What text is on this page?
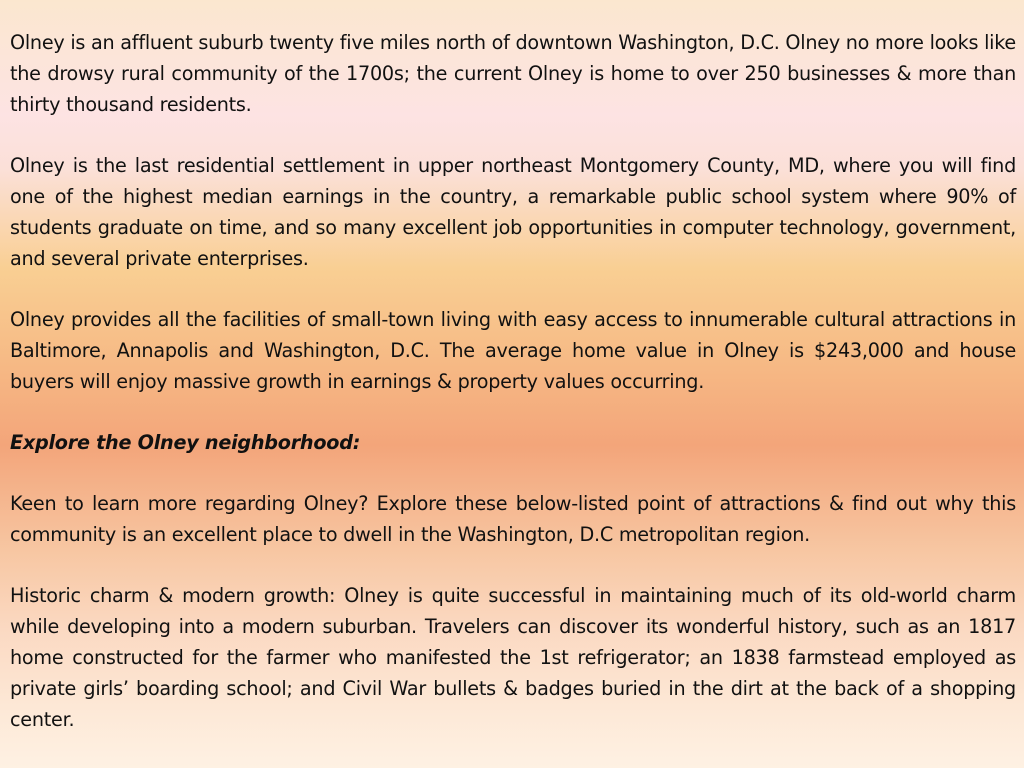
Olney is an affluent suburb twenty five miles north of downtown Washington, D.C. Olney no more looks like the drowsy rural community of the 1700s; the current Olney is home to over 250 businesses & more than thirty thousand residents.

Olney is the last residential settlement in upper northeast Montgomery County, MD, where you will find one of the highest median earnings in the country, a remarkable public school system where 90% of students graduate on time, and so many excellent job opportunities in computer technology, government, and several private enterprises.

Olney provides all the facilities of small-town living with easy access to innumerable cultural attractions in Baltimore, Annapolis and Washington, D.C. The average home value in Olney is $243,000 and house buyers will enjoy massive growth in earnings & property values occurring.

Explore the Olney neighborhood:

Keen to learn more regarding Olney? Explore these below-listed point of attractions & find out why this community is an excellent place to dwell in the Washington, D.C metropolitan region.

Historic charm & modern growth: Olney is quite successful in maintaining much of its old-world charm while developing into a modern suburban. Travelers can discover its wonderful history, such as an 1817 home constructed for the farmer who manifested the 1st refrigerator; an 1838 farmstead employed as private girls’ boarding school; and Civil War bullets & badges buried in the dirt at the back of a shopping center.
